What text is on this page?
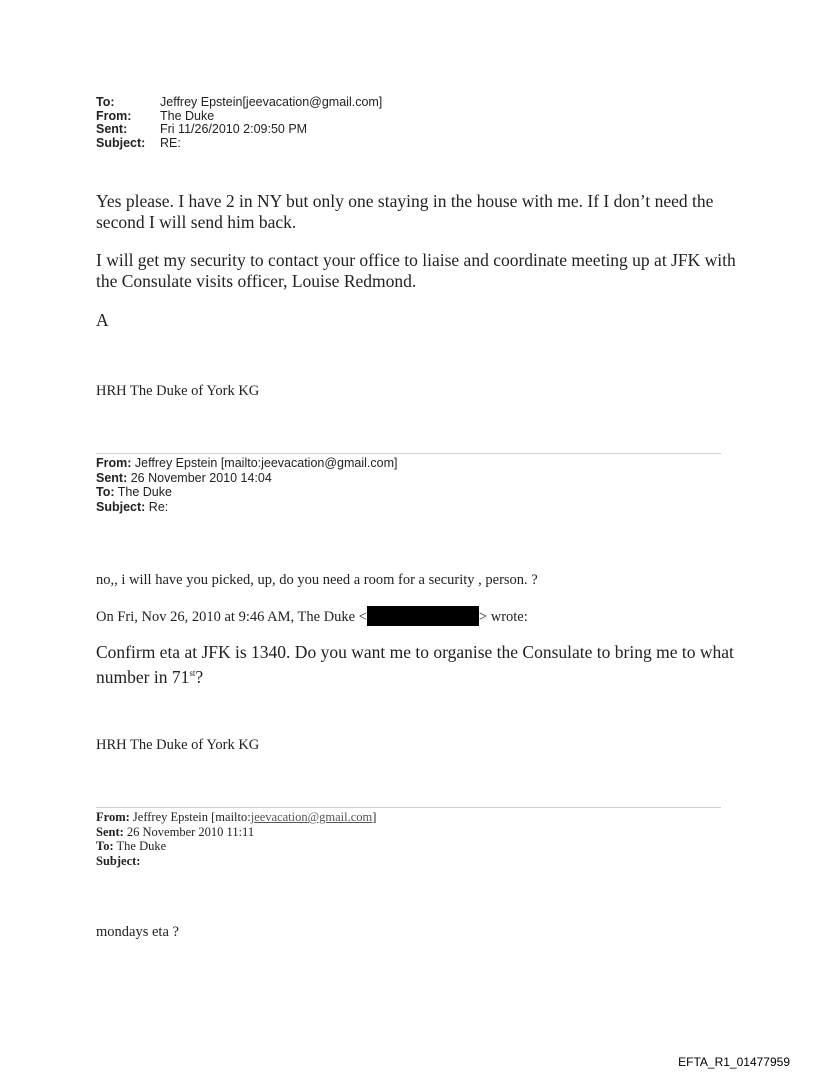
To:	Jeffrey Epstein[jeevacation@gmail.com]
From:	The Duke
Sent:	Fri 11/26/2010 2:09:50 PM
Subject:	RE:
Yes please. I have 2 in NY but only one staying in the house with me. If I don’t need the second I will send him back.
I will get my security to contact your office to liaise and coordinate meeting up at JFK with the Consulate visits officer, Louise Redmond.
A
HRH The Duke of York KG
From: Jeffrey Epstein [mailto:jeevacation@gmail.com]
Sent: 26 November 2010 14:04
To: The Duke
Subject: Re:
no,, i will have you picked, up, do you need a room for a security , person. ?
On Fri, Nov 26, 2010 at 9:46 AM, The Duke <	> wrote:
Confirm eta at JFK is 1340. Do you want me to organise the Consulate to bring me to what number in 71st?
HRH The Duke of York KG
From: Jeffrey Epstein [mailto:jeevacation@gmail.com]
Sent: 26 November 2010 11:11
To: The Duke
Subject:
mondays eta ?
EFTA_R1_01477959
